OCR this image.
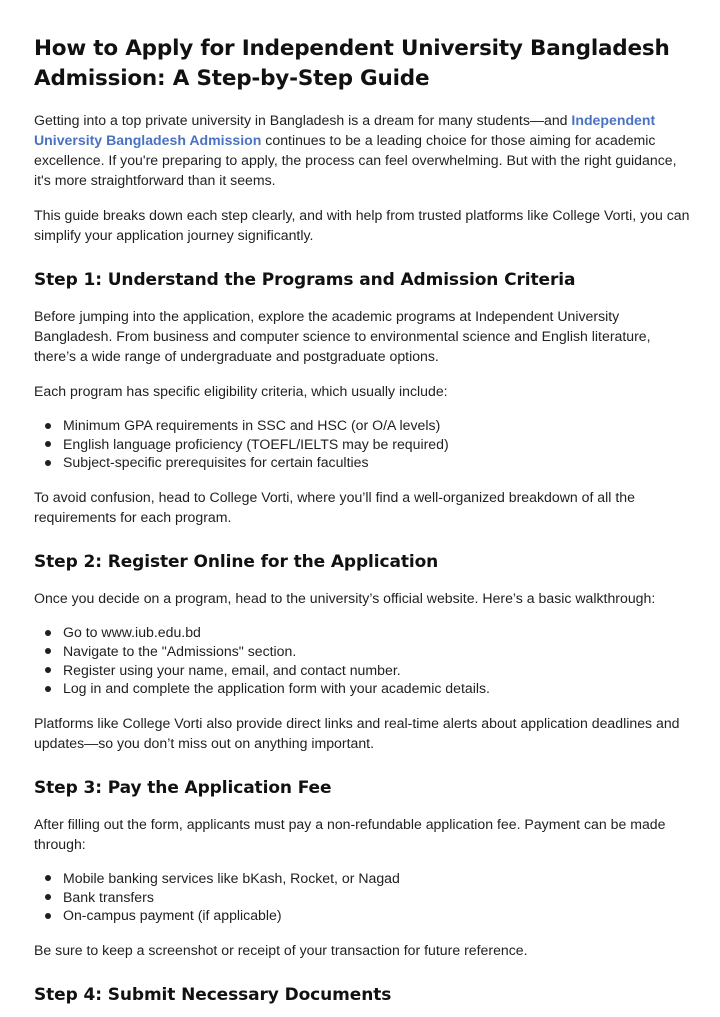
How to Apply for Independent University Bangladesh Admission: A Step-by-Step Guide

Getting into a top private university in Bangladesh is a dream for many students—and Independent University Bangladesh Admission continues to be a leading choice for those aiming for academic excellence. If you're preparing to apply, the process can feel overwhelming. But with the right guidance, it's more straightforward than it seems.

This guide breaks down each step clearly, and with help from trusted platforms like College Vorti, you can simplify your application journey significantly.

Step 1: Understand the Programs and Admission Criteria

Before jumping into the application, explore the academic programs at Independent University Bangladesh. From business and computer science to environmental science and English literature, there’s a wide range of undergraduate and postgraduate options.

Each program has specific eligibility criteria, which usually include:

Minimum GPA requirements in SSC and HSC (or O/A levels)
English language proficiency (TOEFL/IELTS may be required)
Subject-specific prerequisites for certain faculties

To avoid confusion, head to College Vorti, where you’ll find a well-organized breakdown of all the requirements for each program.

Step 2: Register Online for the Application

Once you decide on a program, head to the university’s official website. Here’s a basic walkthrough:

Go to www.iub.edu.bd
Navigate to the "Admissions" section.
Register using your name, email, and contact number.
Log in and complete the application form with your academic details.

Platforms like College Vorti also provide direct links and real-time alerts about application deadlines and updates—so you don’t miss out on anything important.

Step 3: Pay the Application Fee

After filling out the form, applicants must pay a non-refundable application fee. Payment can be made through:

Mobile banking services like bKash, Rocket, or Nagad
Bank transfers
On-campus payment (if applicable)

Be sure to keep a screenshot or receipt of your transaction for future reference.

Step 4: Submit Necessary Documents
